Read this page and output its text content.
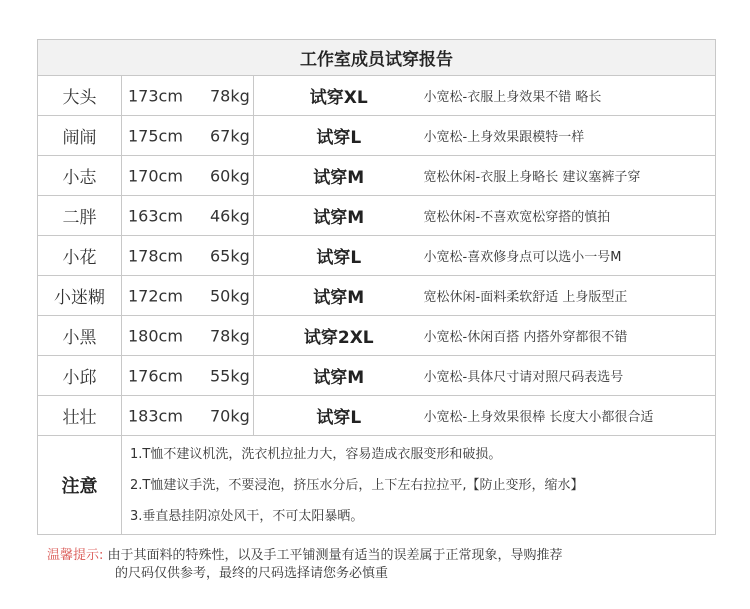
工作室成员试穿报告			
大头	173cm 78kg	试穿XL	小宽松-衣服上身效果不错 略长
闹闹	175cm 67kg	试穿L	小宽松-上身效果跟模特一样
小志	170cm 60kg	试穿M	宽松休闲-衣服上身略长 建议塞裤子穿
二胖	163cm 46kg	试穿M	宽松休闲-不喜欢宽松穿搭的慎拍
小花	178cm 65kg	试穿L	小宽松-喜欢修身点可以选小一号M
小迷糊	172cm 50kg	试穿M	宽松休闲-面料柔软舒适 上身版型正
小黑	180cm 78kg	试穿2XL	小宽松-休闲百搭 内搭外穿都很不错
小邱	176cm 55kg	试穿M	小宽松-具体尺寸请对照尺码表选号
壮壮	183cm 70kg	试穿L	小宽松-上身效果很棒 长度大小都很合适
注意	1.T恤不建议机洗，洗衣机拉扯力大，容易造成衣服变形和破损。
2.T恤建议手洗，不要浸泡，挤压水分后，上下左右拉拉平,【防止变形，缩水】
3.垂直悬挂阴凉处风干，不可太阳暴晒。		
温馨提示: 由于其面料的特殊性，以及手工平铺测量有适当的误差属于正常现象，导购推荐
的尺码仅供参考，最终的尺码选择请您务必慎重
